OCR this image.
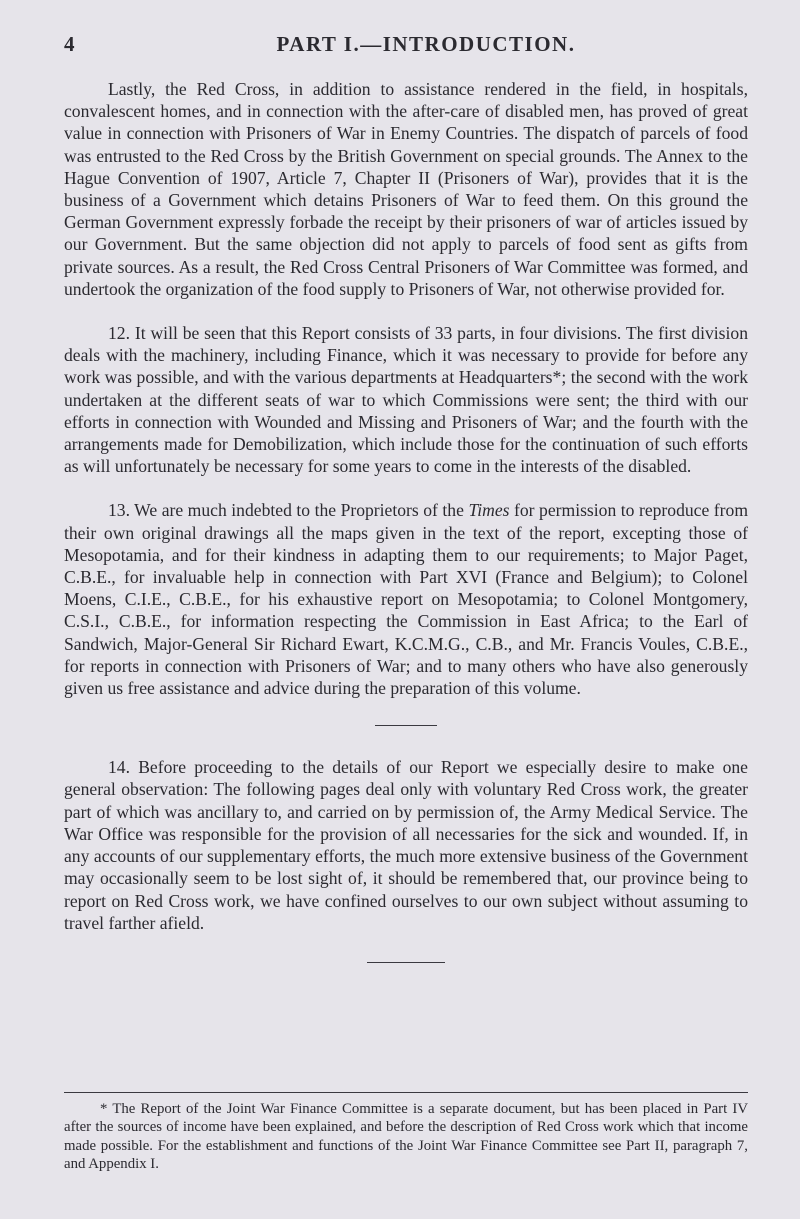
4	PART I.—INTRODUCTION.

Lastly, the Red Cross, in addition to assistance rendered in the field, in hospitals, convalescent homes, and in connection with the after-care of disabled men, has proved of great value in connection with Prisoners of War in Enemy Countries. The dispatch of parcels of food was entrusted to the Red Cross by the British Government on special grounds. The Annex to the Hague Convention of 1907, Article 7, Chapter II (Prisoners of War), provides that it is the business of a Government which detains Prisoners of War to feed them. On this ground the German Government expressly forbade the receipt by their prisoners of war of articles issued by our Government. But the same objection did not apply to parcels of food sent as gifts from private sources. As a result, the Red Cross Central Prisoners of War Committee was formed, and undertook the organization of the food supply to Prisoners of War, not otherwise provided for.

12. It will be seen that this Report consists of 33 parts, in four divisions. The first division deals with the machinery, including Finance, which it was necessary to provide for before any work was possible, and with the various departments at Headquarters*; the second with the work undertaken at the different seats of war to which Commissions were sent; the third with our efforts in connection with Wounded and Missing and Prisoners of War; and the fourth with the arrangements made for Demobilization, which include those for the continuation of such efforts as will unfortunately be necessary for some years to come in the interests of the disabled.

13. We are much indebted to the Proprietors of the Times for permission to reproduce from their own original drawings all the maps given in the text of the report, excepting those of Mesopotamia, and for their kindness in adapting them to our requirements; to Major Paget, C.B.E., for invaluable help in connection with Part XVI (France and Belgium); to Colonel Moens, C.I.E., C.B.E., for his exhaustive report on Mesopotamia; to Colonel Montgomery, C.S.I., C.B.E., for information respecting the Commission in East Africa; to the Earl of Sandwich, Major-General Sir Richard Ewart, K.C.M.G., C.B., and Mr. Francis Voules, C.B.E., for reports in connection with Prisoners of War; and to many others who have also generously given us free assistance and advice during the preparation of this volume.

14. Before proceeding to the details of our Report we especially desire to make one general observation: The following pages deal only with voluntary Red Cross work, the greater part of which was ancillary to, and carried on by permission of, the Army Medical Service. The War Office was responsible for the provision of all necessaries for the sick and wounded. If, in any accounts of our supplementary efforts, the much more extensive business of the Government may occasionally seem to be lost sight of, it should be remembered that, our province being to report on Red Cross work, we have confined ourselves to our own subject without assuming to travel farther afield.

* The Report of the Joint War Finance Committee is a separate document, but has been placed in Part IV after the sources of income have been explained, and before the description of Red Cross work which that income made possible. For the establishment and functions of the Joint War Finance Committee see Part II, paragraph 7, and Appendix I.
